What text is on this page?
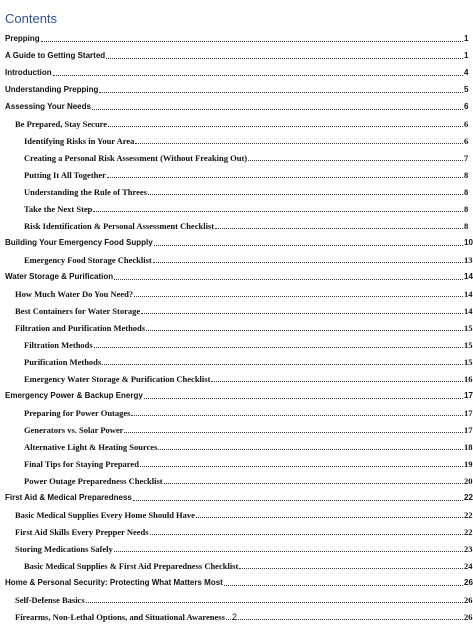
Contents
Prepping	1
A Guide to Getting Started	1
Introduction	4
Understanding Prepping	5
Assessing Your Needs	6
Be Prepared, Stay Secure	6
Identifying Risks in Your Area	6
Creating a Personal Risk Assessment (Without Freaking Out)	7
Putting It All Together	8
Understanding the Rule of Threes	8
Take the Next Step	8
Risk Identification & Personal Assessment Checklist	8
Building Your Emergency Food Supply	10
Emergency Food Storage Checklist	13
Water Storage & Purification	14
How Much Water Do You Need?	14
Best Containers for Water Storage	14
Filtration and Purification Methods	15
Filtration Methods	15
Purification Methods	15
Emergency Water Storage & Purification Checklist	16
Emergency Power & Backup Energy	17
Preparing for Power Outages	17
Generators vs. Solar Power	17
Alternative Light & Heating Sources	18
Final Tips for Staying Prepared	19
Power Outage Preparedness Checklist	20
First Aid & Medical Preparedness	22
Basic Medical Supplies Every Home Should Have	22
First Aid Skills Every Prepper Needs	22
Storing Medications Safely	23
Basic Medical Supplies & First Aid Preparedness Checklist	24
Home & Personal Security: Protecting What Matters Most	26
Self-Defense Basics	26
Firearms, Non-Lethal Options, and Situational Awareness	26
2
